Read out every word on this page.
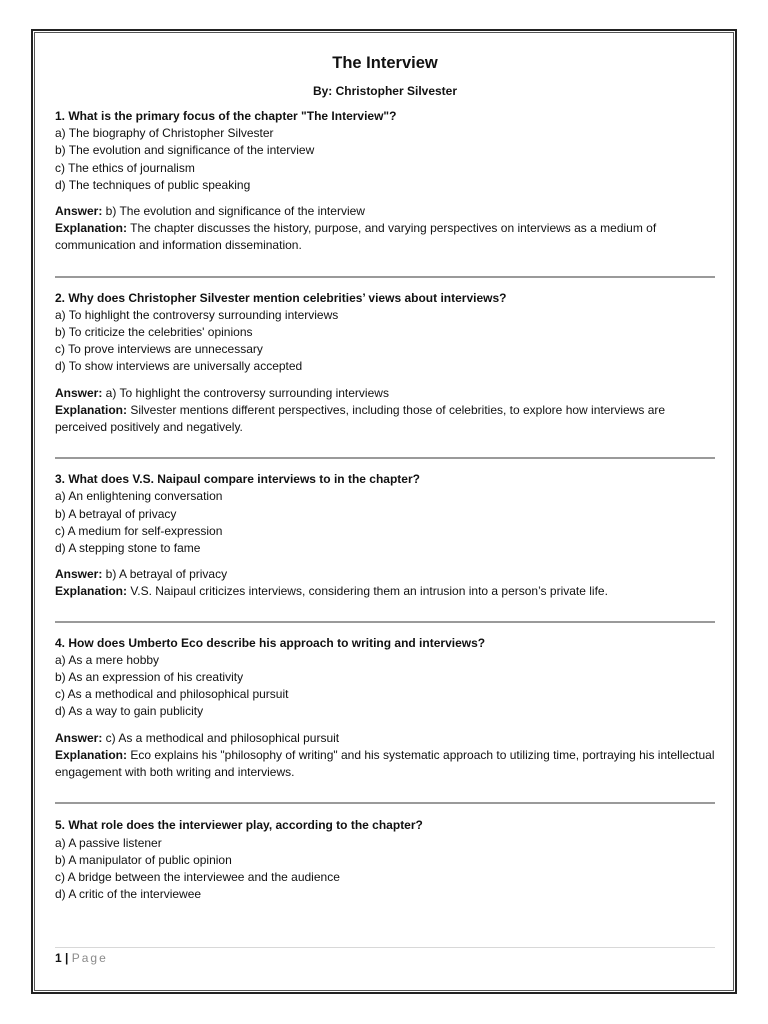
The Interview
By: Christopher Silvester

1. What is the primary focus of the chapter "The Interview"?

a) The biography of Christopher Silvester

b) The evolution and significance of the interview

c) The ethics of journalism

d) The techniques of public speaking

Answer: b) The evolution and significance of the interview

Explanation: The chapter discusses the history, purpose, and varying perspectives on interviews as a medium of communication and information dissemination.

2. Why does Christopher Silvester mention celebrities’ views about interviews?

a) To highlight the controversy surrounding interviews

b) To criticize the celebrities' opinions

c) To prove interviews are unnecessary

d) To show interviews are universally accepted

Answer: a) To highlight the controversy surrounding interviews

Explanation: Silvester mentions different perspectives, including those of celebrities, to explore how interviews are perceived positively and negatively.

3. What does V.S. Naipaul compare interviews to in the chapter?

a) An enlightening conversation

b) A betrayal of privacy

c) A medium for self-expression

d) A stepping stone to fame

Answer: b) A betrayal of privacy

Explanation: V.S. Naipaul criticizes interviews, considering them an intrusion into a person’s private life.

4. How does Umberto Eco describe his approach to writing and interviews?

a) As a mere hobby

b) As an expression of his creativity

c) As a methodical and philosophical pursuit

d) As a way to gain publicity

Answer: c) As a methodical and philosophical pursuit

Explanation: Eco explains his "philosophy of writing" and his systematic approach to utilizing time, portraying his intellectual engagement with both writing and interviews.

5. What role does the interviewer play, according to the chapter?

a) A passive listener

b) A manipulator of public opinion

c) A bridge between the interviewee and the audience

d) A critic of the interviewee

1 | Page
